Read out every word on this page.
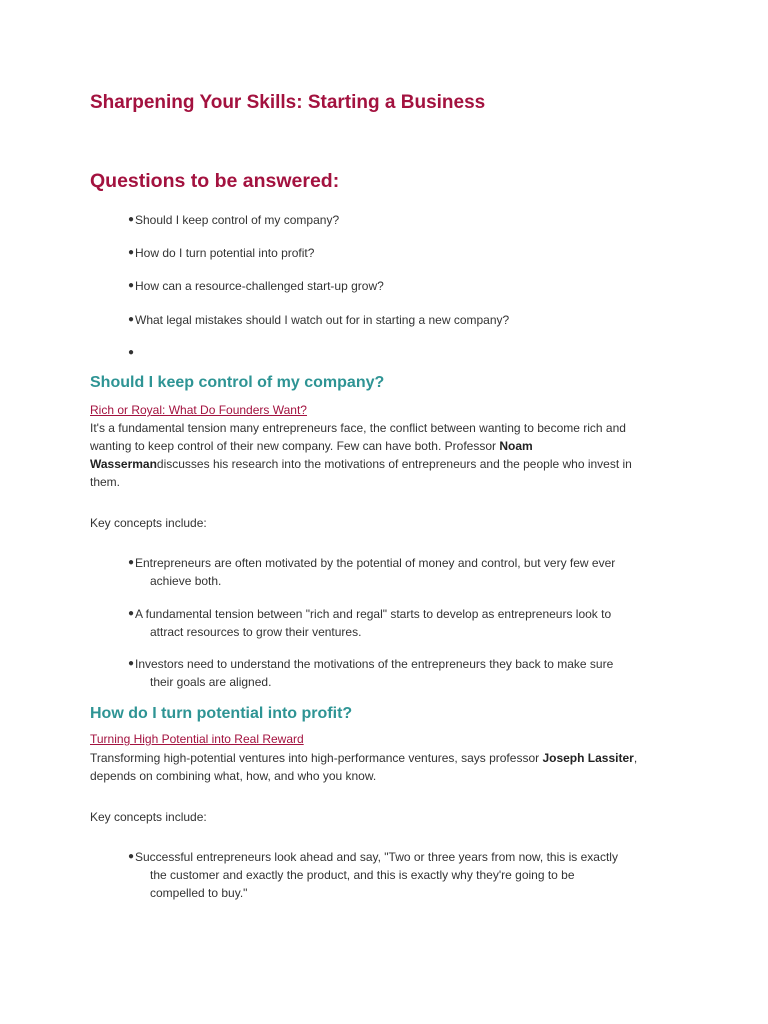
Sharpening Your Skills: Starting a Business
Questions to be answered:
● Should I keep control of my company?
● How do I turn potential into profit?
● How can a resource-challenged start-up grow?
● What legal mistakes should I watch out for in starting a new company?
●
Should I keep control of my company?
Rich or Royal: What Do Founders Want?

It's a fundamental tension many entrepreneurs face, the conflict between wanting to become rich and wanting to keep control of their new company. Few can have both. Professor Noam Wassermandiscusses his research into the motivations of entrepreneurs and the people who invest in them.

Key concepts include:

● Entrepreneurs are often motivated by the potential of money and control, but very few ever achieve both.
● A fundamental tension between "rich and regal" starts to develop as entrepreneurs look to attract resources to grow their ventures.
● Investors need to understand the motivations of the entrepreneurs they back to make sure their goals are aligned.
How do I turn potential into profit?
Turning High Potential into Real Reward

Transforming high-potential ventures into high-performance ventures, says professor Joseph Lassiter, depends on combining what, how, and who you know.

Key concepts include:

● Successful entrepreneurs look ahead and say, "Two or three years from now, this is exactly the customer and exactly the product, and this is exactly why they're going to be compelled to buy."
